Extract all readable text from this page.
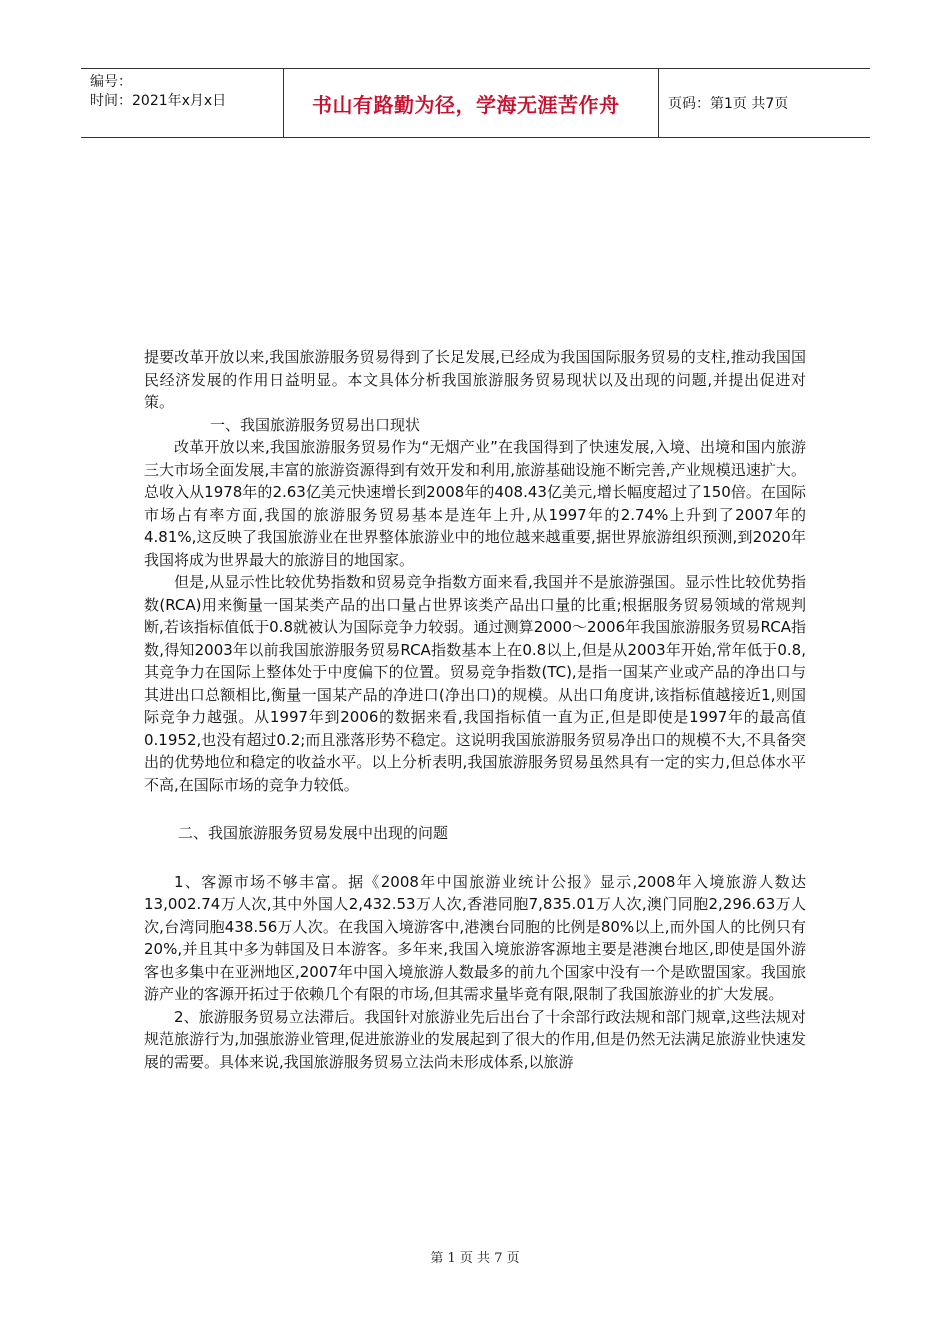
编号：
时间：2021年x月x日	书山有路勤为径，学海无涯苦作舟	页码：第1页 共7页

提要改革开放以来,我国旅游服务贸易得到了长足发展,已经成为我国国际服务贸易的支柱,推动我国国民经济发展的作用日益明显。本文具体分析我国旅游服务贸易现状以及出现的问题,并提出促进对策。

一、我国旅游服务贸易出口现状

改革开放以来,我国旅游服务贸易作为“无烟产业”在我国得到了快速发展,入境、出境和国内旅游三大市场全面发展,丰富的旅游资源得到有效开发和利用,旅游基础设施不断完善,产业规模迅速扩大。总收入从1978年的2.63亿美元快速增长到2008年的408.43亿美元,增长幅度超过了150倍。在国际市场占有率方面,我国的旅游服务贸易基本是连年上升,从1997年的2.74%上升到了2007年的4.81%,这反映了我国旅游业在世界整体旅游业中的地位越来越重要,据世界旅游组织预测,到2020年我国将成为世界最大的旅游目的地国家。

但是,从显示性比较优势指数和贸易竞争指数方面来看,我国并不是旅游强国。显示性比较优势指数(RCA)用来衡量一国某类产品的出口量占世界该类产品出口量的比重;根据服务贸易领域的常规判断,若该指标值低于0.8就被认为国际竞争力较弱。通过测算2000～2006年我国旅游服务贸易RCA指数,得知2003年以前我国旅游服务贸易RCA指数基本上在0.8以上,但是从2003年开始,常年低于0.8,其竞争力在国际上整体处于中度偏下的位置。贸易竞争指数(TC),是指一国某产业或产品的净出口与其进出口总额相比,衡量一国某产品的净进口(净出口)的规模。从出口角度讲,该指标值越接近1,则国际竞争力越强。从1997年到2006的数据来看,我国指标值一直为正,但是即使是1997年的最高值0.1952,也没有超过0.2;而且涨落形势不稳定。这说明我国旅游服务贸易净出口的规模不大,不具备突出的优势地位和稳定的收益水平。以上分析表明,我国旅游服务贸易虽然具有一定的实力,但总体水平不高,在国际市场的竞争力较低。

二、我国旅游服务贸易发展中出现的问题

1、客源市场不够丰富。据《2008年中国旅游业统计公报》显示,2008年入境旅游人数达13,002.74万人次,其中外国人2,432.53万人次,香港同胞7,835.01万人次,澳门同胞2,296.63万人次,台湾同胞438.56万人次。在我国入境游客中,港澳台同胞的比例是80%以上,而外国人的比例只有20%,并且其中多为韩国及日本游客。多年来,我国入境旅游客源地主要是港澳台地区,即使是国外游客也多集中在亚洲地区,2007年中国入境旅游人数最多的前九个国家中没有一个是欧盟国家。我国旅游产业的客源开拓过于依赖几个有限的市场,但其需求量毕竟有限,限制了我国旅游业的扩大发展。

2、旅游服务贸易立法滞后。我国针对旅游业先后出台了十余部行政法规和部门规章,这些法规对规范旅游行为,加强旅游业管理,促进旅游业的发展起到了很大的作用,但是仍然无法满足旅游业快速发展的需要。具体来说,我国旅游服务贸易立法尚未形成体系,以旅游

第 1 页 共 7 页
